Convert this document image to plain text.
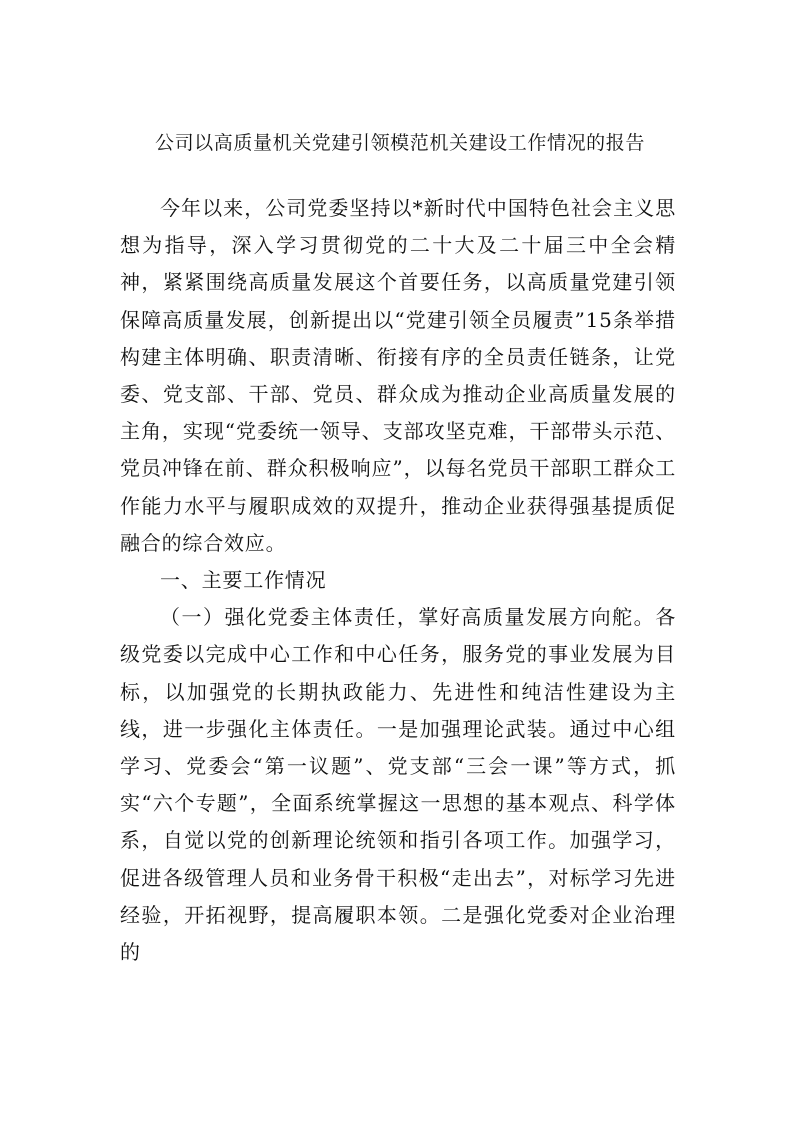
公司以高质量机关党建引领模范机关建设工作情况的报告

今年以来，公司党委坚持以*新时代中国特色社会主义思想为指导，深入学习贯彻党的二十大及二十届三中全会精神，紧紧围绕高质量发展这个首要任务，以高质量党建引领保障高质量发展，创新提出以“党建引领全员履责”15条举措构建主体明确、职责清晰、衔接有序的全员责任链条，让党委、党支部、干部、党员、群众成为推动企业高质量发展的主角，实现“党委统一领导、支部攻坚克难，干部带头示范、党员冲锋在前、群众积极响应”，以每名党员干部职工群众工作能力水平与履职成效的双提升，推动企业获得强基提质促融合的综合效应。

一、主要工作情况

（一）强化党委主体责任，掌好高质量发展方向舵。各级党委以完成中心工作和中心任务，服务党的事业发展为目标，以加强党的长期执政能力、先进性和纯洁性建设为主线，进一步强化主体责任。一是加强理论武装。通过中心组学习、党委会“第一议题”、党支部“三会一课”等方式，抓实“六个专题”，全面系统掌握这一思想的基本观点、科学体系，自觉以党的创新理论统领和指引各项工作。加强学习，促进各级管理人员和业务骨干积极“走出去”，对标学习先进经验，开拓视野，提高履职本领。二是强化党委对企业治理的
